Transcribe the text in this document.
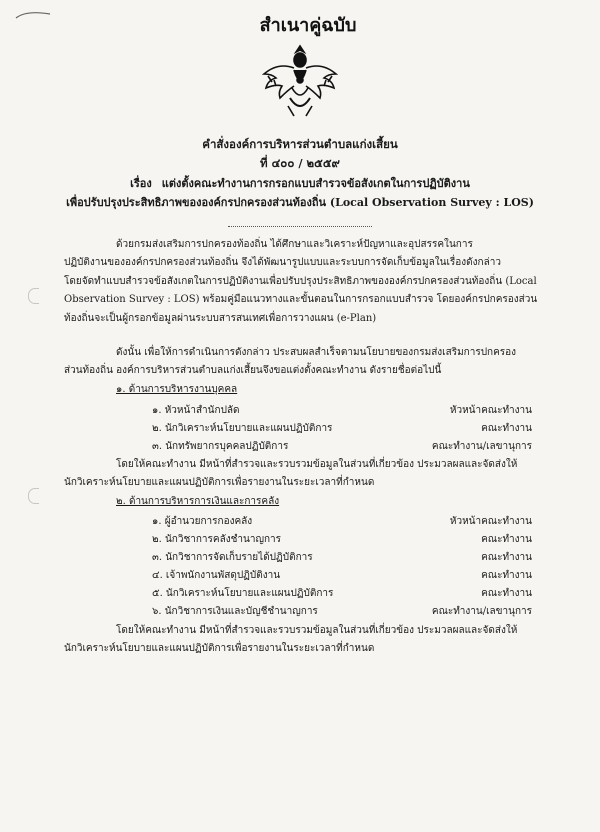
สำเนาคู่ฉบับ
คำสั่งองค์การบริหารส่วนตำบลแก่งเสี้ยน
ที่ ๔๐๐ / ๒๕๕๙
เรื่อง แต่งตั้งคณะทำงานการกรอกแบบสำรวจข้อสังเกตในการปฏิบัติงาน
เพื่อปรับปรุงประสิทธิภาพขององค์กรปกครองส่วนท้องถิ่น (Local Observation Survey : LOS)
ด้วยกรมส่งเสริมการปกครองท้องถิ่น ได้ศึกษาและวิเคราะห์ปัญหาและอุปสรรคในการ
ปฏิบัติงานขององค์กรปกครองส่วนท้องถิ่น จึงได้พัฒนารูปแบบและระบบการจัดเก็บข้อมูลในเรื่องดังกล่าว
โดยจัดทำแบบสำรวจข้อสังเกตในการปฏิบัติงานเพื่อปรับปรุงประสิทธิภาพขององค์กรปกครองส่วนท้องถิ่น (Local
Observation Survey : LOS) พร้อมคู่มือแนวทางและขั้นตอนในการกรอกแบบสำรวจ โดยองค์กรปกครองส่วน
ท้องถิ่นจะเป็นผู้กรอกข้อมูลผ่านระบบสารสนเทศเพื่อการวางแผน (e-Plan)
ดังนั้น เพื่อให้การดำเนินการดังกล่าว ประสบผลสำเร็จตามนโยบายของกรมส่งเสริมการปกครอง
ส่วนท้องถิ่น องค์การบริหารส่วนตำบลแก่งเสี้ยนจึงขอแต่งตั้งคณะทำงาน ดังรายชื่อต่อไปนี้
๑. ด้านการบริหารงานบุคคล
๑. หัวหน้าสำนักปลัด	หัวหน้าคณะทำงาน
๒. นักวิเคราะห์นโยบายและแผนปฏิบัติการ	คณะทำงาน
๓. นักทรัพยากรบุคคลปฏิบัติการ	คณะทำงาน/เลขานุการ
โดยให้คณะทำงาน มีหน้าที่สำรวจและรวบรวมข้อมูลในส่วนที่เกี่ยวข้อง ประมวลผลและจัดส่งให้
นักวิเคราะห์นโยบายและแผนปฏิบัติการเพื่อรายงานในระยะเวลาที่กำหนด
๒. ด้านการบริหารการเงินและการคลัง
๑. ผู้อำนวยการกองคลัง	หัวหน้าคณะทำงาน
๒. นักวิชาการคลังชำนาญการ	คณะทำงาน
๓. นักวิชาการจัดเก็บรายได้ปฏิบัติการ	คณะทำงาน
๔. เจ้าพนักงานพัสดุปฏิบัติงาน	คณะทำงาน
๕. นักวิเคราะห์นโยบายและแผนปฏิบัติการ	คณะทำงาน
๖. นักวิชาการเงินและบัญชีชำนาญการ	คณะทำงาน/เลขานุการ
โดยให้คณะทำงาน มีหน้าที่สำรวจและรวบรวมข้อมูลในส่วนที่เกี่ยวข้อง ประมวลผลและจัดส่งให้
นักวิเคราะห์นโยบายและแผนปฏิบัติการเพื่อรายงานในระยะเวลาที่กำหนด
